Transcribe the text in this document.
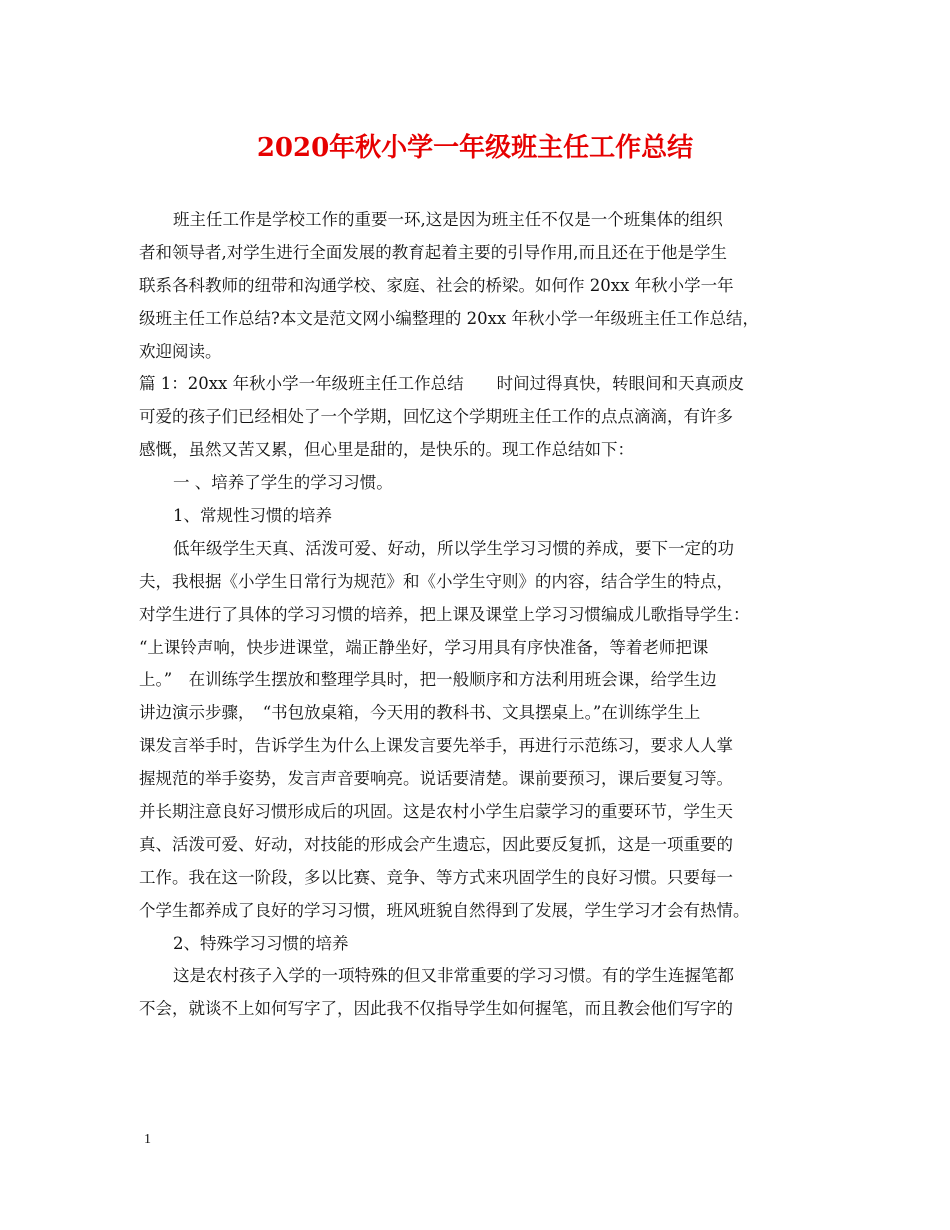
2020年秋小学一年级班主任工作总结
班主任工作是学校工作的重要一环,这是因为班主任不仅是一个班集体的组织
者和领导者,对学生进行全面发展的教育起着主要的引导作用,而且还在于他是学生
联系各科教师的纽带和沟通学校、家庭、社会的桥梁。如何作 20xx 年秋小学一年
级班主任工作总结?本文是范文网小编整理的 20xx 年秋小学一年级班主任工作总结，
欢迎阅读。
篇 1：20xx 年秋小学一年级班主任工作总结　　时间过得真快，转眼间和天真顽皮
可爱的孩子们已经相处了一个学期，回忆这个学期班主任工作的点点滴滴，有许多
感慨，虽然又苦又累，但心里是甜的，是快乐的。现工作总结如下：
一 、培养了学生的学习习惯。
1、常规性习惯的培养
低年级学生天真、活泼可爱、好动，所以学生学习习惯的养成，要下一定的功
夫，我根据《小学生日常行为规范》和《小学生守则》的内容，结合学生的特点，
对学生进行了具体的学习习惯的培养，把上课及课堂上学习习惯编成儿歌指导学生：
“上课铃声响，快步进课堂，端正静坐好，学习用具有序快准备，等着老师把课
上。”　在训练学生摆放和整理学具时，把一般顺序和方法利用班会课，给学生边
讲边演示步骤，　“书包放桌箱，今天用的教科书、文具摆桌上。”在训练学生上
课发言举手时，告诉学生为什么上课发言要先举手，再进行示范练习，要求人人掌
握规范的举手姿势，发言声音要响亮。说话要清楚。课前要预习，课后要复习等。
并长期注意良好习惯形成后的巩固。这是农村小学生启蒙学习的重要环节，学生天
真、活泼可爱、好动，对技能的形成会产生遗忘，因此要反复抓，这是一项重要的
工作。我在这一阶段，多以比赛、竞争、等方式来巩固学生的良好习惯。只要每一
个学生都养成了良好的学习习惯，班风班貌自然得到了发展，学生学习才会有热情。
2、特殊学习习惯的培养
这是农村孩子入学的一项特殊的但又非常重要的学习习惯。有的学生连握笔都
不会，就谈不上如何写字了，因此我不仅指导学生如何握笔，而且教会他们写字的
1
